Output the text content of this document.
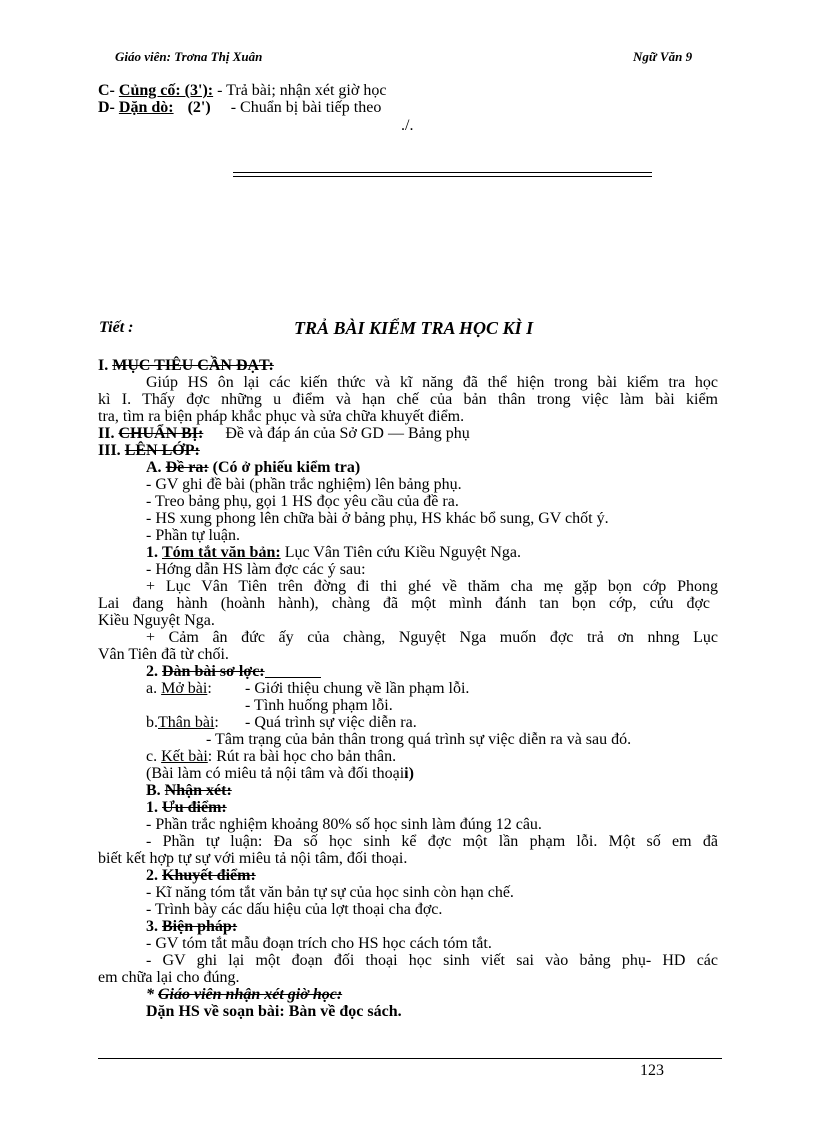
Giáo viên: Trơna Thị Xuân	Ngữ Văn 9
C- Củng cố: (3'): - Trả bài; nhận xét giờ học
D- Dặn dò: (2') - Chuẩn bị bài tiếp theo
./.
Tiết :	TRẢ BÀI KIỂM TRA HỌC KÌ I
I. MỤC TIÊU CẦN ĐẠT:
Giúp HS ôn lại các kiến thức và kĩ năng đã thể hiện trong bài kiểm tra học
kì I. Thấy đợc những u điểm và hạn chế của bản thân trong việc làm bài kiểm
tra, tìm ra biện pháp khắc phục và sửa chữa khuyết điểm.
II. CHUẨN BỊ: Đề và đáp án của Sở GD — Bảng phụ
III. LÊN LỚP:
A. Đề ra: (Có ở phiếu kiểm tra)
- GV ghi đề bài (phần trắc nghiệm) lên bảng phụ.
- Treo bảng phụ, gọi 1 HS đọc yêu cầu của đề ra.
- HS xung phong lên chữa bài ở bảng phụ, HS khác bổ sung, GV chốt ý.
- Phần tự luận.
1. Tóm tắt văn bản: Lục Vân Tiên cứu Kiều Nguyệt Nga.
- Hớng dẫn HS làm đợc các ý sau:
+ Lục Vân Tiên trên đờng đi thi ghé về thăm cha mẹ gặp bọn cớp Phong
Lai đang hành (hoành hành), chàng đã một mình đánh tan bọn cớp, cứu đợc
Kiều Nguyệt Nga.
+ Cảm ân đức ấy của chàng, Nguyệt Nga muốn đợc trả ơn nhng Lục
Vân Tiên đã từ chối.
2. Dàn bài sơ lợc:
a. Mở bài: - Giới thiệu chung về lần phạm lỗi.
- Tình huống phạm lỗi.
b.Thân bài: - Quá trình sự việc diễn ra.
- Tâm trạng của bản thân trong quá trình sự việc diễn ra và sau đó.
c. Kết bài: Rút ra bài học cho bản thân.
(Bài làm có miêu tả nội tâm và đối thoạii)
B. Nhận xét:
1. Ưu điểm:
- Phần trắc nghiệm khoảng 80% số học sinh làm đúng 12 câu.
- Phần tự luận: Đa số học sinh kể đợc một lần phạm lỗi. Một số em đã
biết kết hợp tự sự với miêu tả nội tâm, đối thoại.
2. Khuyết điểm:
- Kĩ năng tóm tắt văn bản tự sự của học sinh còn hạn chế.
- Trình bày các dấu hiệu của lợt thoại cha đợc.
3. Biện pháp:
- GV tóm tắt mẫu đoạn trích cho HS học cách tóm tắt.
- GV ghi lại một đoạn đối thoại học sinh viết sai vào bảng phụ- HD các
em chữa lại cho đúng.
* Giáo viên nhận xét giờ học:
Dặn HS về soạn bài: Bàn về đọc sách.
123
